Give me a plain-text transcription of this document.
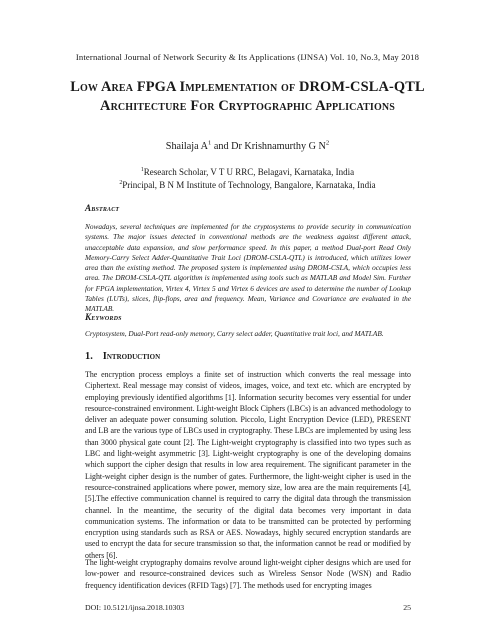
International Journal of Network Security & Its Applications (IJNSA) Vol. 10, No.3, May 2018
Low Area FPGA Implementation of DROM-CSLA-QTL Architecture For Cryptographic Applications
Shailaja $A^1$ and Dr Krishnamurthy G $N^2$
$^1$Research Scholar, V T U RRC, Belagavi, Karnataka, India
$^2$Principal, B N M Institute of Technology, Bangalore, Karnataka, India
Abstract
Nowadays, several techniques are implemented for the cryptosystems to provide security in communication systems. The major issues detected in conventional methods are the weakness against different attack, unacceptable data expansion, and slow performance speed. In this paper, a method Dual-port Read Only Memory-Carry Select Adder-Quantitative Trait Loci (DROM-CSLA-QTL) is introduced, which utilizes lower area than the existing method. The proposed system is implemented using DROM-CSLA, which occupies less area. The DROM-CSLA-QTL algorithm is implemented using tools such as MATLAB and Model Sim. Further for FPGA implementation, Virtex 4, Virtex 5 and Virtex 6 devices are used to determine the number of Lookup Tables (LUTs), slices, flip-flops, area and frequency. Mean, Variance and Covariance are evaluated in the MATLAB.
Keywords
Cryptosystem, Dual-Port read-only memory, Carry select adder, Quantitative trait loci, and MATLAB.
1. Introduction
The encryption process employs a finite set of instruction which converts the real message into Ciphertext. Real message may consist of videos, images, voice, and text etc. which are encrypted by employing previously identified algorithms [1]. Information security becomes very essential for under resource-constrained environment. Light-weight Block Ciphers (LBCs) is an advanced methodology to deliver an adequate power consuming solution. Piccolo, Light Encryption Device (LED), PRESENT and LB are the various type of LBCs used in cryptography. These LBCs are implemented by using less than 3000 physical gate count [2]. The Light-weight cryptography is classified into two types such as LBC and light-weight asymmetric [3]. Light-weight cryptography is one of the developing domains which support the cipher design that results in low area requirement. The significant parameter in the Light-weight cipher design is the number of gates. Furthermore, the light-weight cipher is used in the resource-constrained applications where power, memory size, low area are the main requirements [4], [5].The effective communication channel is required to carry the digital data through the transmission channel. In the meantime, the security of the digital data becomes very important in data communication systems. The information or data to be transmitted can be protected by performing encryption using standards such as RSA or AES. Nowadays, highly secured encryption standards are used to encrypt the data for secure transmission so that, the information cannot be read or modified by others [6].
The light-weight cryptography domains revolve around light-weight cipher designs which are used for low-power and resource-constrained devices such as Wireless Sensor Node (WSN) and Radio frequency identification devices (RFID Tags) [7]. The methods used for encrypting images
DOI: 10.5121/ijnsa.2018.10303	25
